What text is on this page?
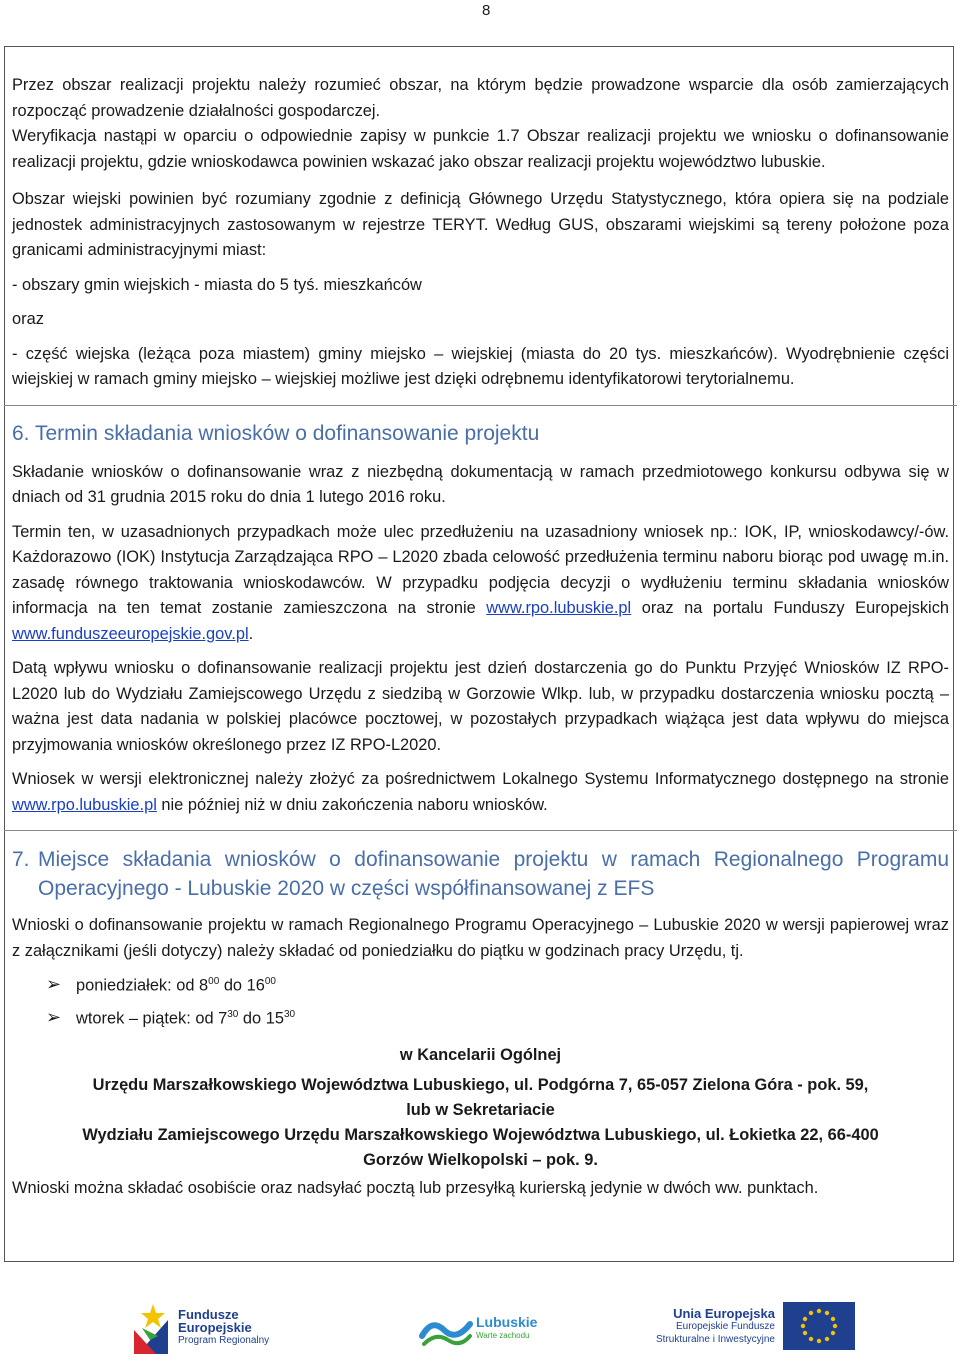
8

Przez obszar realizacji projektu należy rozumieć obszar, na którym będzie prowadzone wsparcie dla osób zamierzających rozpocząć prowadzenie działalności gospodarczej.

Weryfikacja nastąpi w oparciu o odpowiednie zapisy w punkcie 1.7 Obszar realizacji projektu we wniosku o dofinansowanie realizacji projektu, gdzie wnioskodawca powinien wskazać jako obszar realizacji projektu województwo lubuskie.

Obszar wiejski powinien być rozumiany zgodnie z definicją Głównego Urzędu Statystycznego, która opiera się na podziale jednostek administracyjnych zastosowanym w rejestrze TERYT. Według GUS, obszarami wiejskimi są tereny położone poza granicami administracyjnymi miast:

- obszary gmin wiejskich - miasta do 5 tyś. mieszkańców

oraz

- część wiejska (leżąca poza miastem) gminy miejsko – wiejskiej (miasta do 20 tys. mieszkańców). Wyodrębnienie części wiejskiej w ramach gminy miejsko – wiejskiej możliwe jest dzięki odrębnemu identyfikatorowi terytorialnemu.

6. Termin składania wniosków o dofinansowanie projektu

Składanie wniosków o dofinansowanie wraz z niezbędną dokumentacją w ramach przedmiotowego konkursu odbywa się w dniach od 31 grudnia 2015 roku do dnia 1 lutego 2016 roku.

Termin ten, w uzasadnionych przypadkach może ulec przedłużeniu na uzasadniony wniosek np.: IOK, IP, wnioskodawcy/-ów. Każdorazowo (IOK) Instytucja Zarządzająca RPO – L2020 zbada celowość przedłużenia terminu naboru biorąc pod uwagę m.in. zasadę równego traktowania wnioskodawców. W przypadku podjęcia decyzji o wydłużeniu terminu składania wniosków informacja na ten temat zostanie zamieszczona na stronie www.rpo.lubuskie.pl oraz na portalu Funduszy Europejskich www.funduszeeuropejskie.gov.pl.

Datą wpływu wniosku o dofinansowanie realizacji projektu jest dzień dostarczenia go do Punktu Przyjęć Wniosków IZ RPO-L2020 lub do Wydziału Zamiejscowego Urzędu z siedzibą w Gorzowie Wlkp. lub, w przypadku dostarczenia wniosku pocztą – ważna jest data nadania w polskiej placówce pocztowej, w pozostałych przypadkach wiążąca jest data wpływu do miejsca przyjmowania wniosków określonego przez IZ RPO-L2020.

Wniosek w wersji elektronicznej należy złożyć za pośrednictwem Lokalnego Systemu Informatycznego dostępnego na stronie www.rpo.lubuskie.pl nie później niż w dniu zakończenia naboru wniosków.

7. Miejsce składania wniosków o dofinansowanie projektu w ramach Regionalnego Programu Operacyjnego - Lubuskie 2020 w części współfinansowanej z EFS

Wnioski o dofinansowanie projektu w ramach Regionalnego Programu Operacyjnego – Lubuskie 2020 w wersji papierowej wraz z załącznikami (jeśli dotyczy) należy składać od poniedziałku do piątku w godzinach pracy Urzędu, tj.

➢ poniedziałek: od $8^{00}$ do $16^{00}$
➢ wtorek – piątek: od $7^{30}$ do $15^{30}$
w Kancelarii Ogólnej
Urzędu Marszałkowskiego Województwa Lubuskiego, ul. Podgórna 7, 65-057 Zielona Góra - pok. 59,
lub w Sekretariacie
Wydziału Zamiejscowego Urzędu Marszałkowskiego Województwa Lubuskiego, ul. Łokietka 22, 66-400
Gorzów Wielkopolski – pok. 9.

Wnioski można składać osobiście oraz nadsyłać pocztą lub przesyłką kurierską jedynie w dwóch ww. punktach.

Fundusze
Europejskie
Program Regionalny
Lubuskie
Warte zachodu
Unia Europejska
Europejskie Fundusze
Strukturalne i Inwestycyjne
